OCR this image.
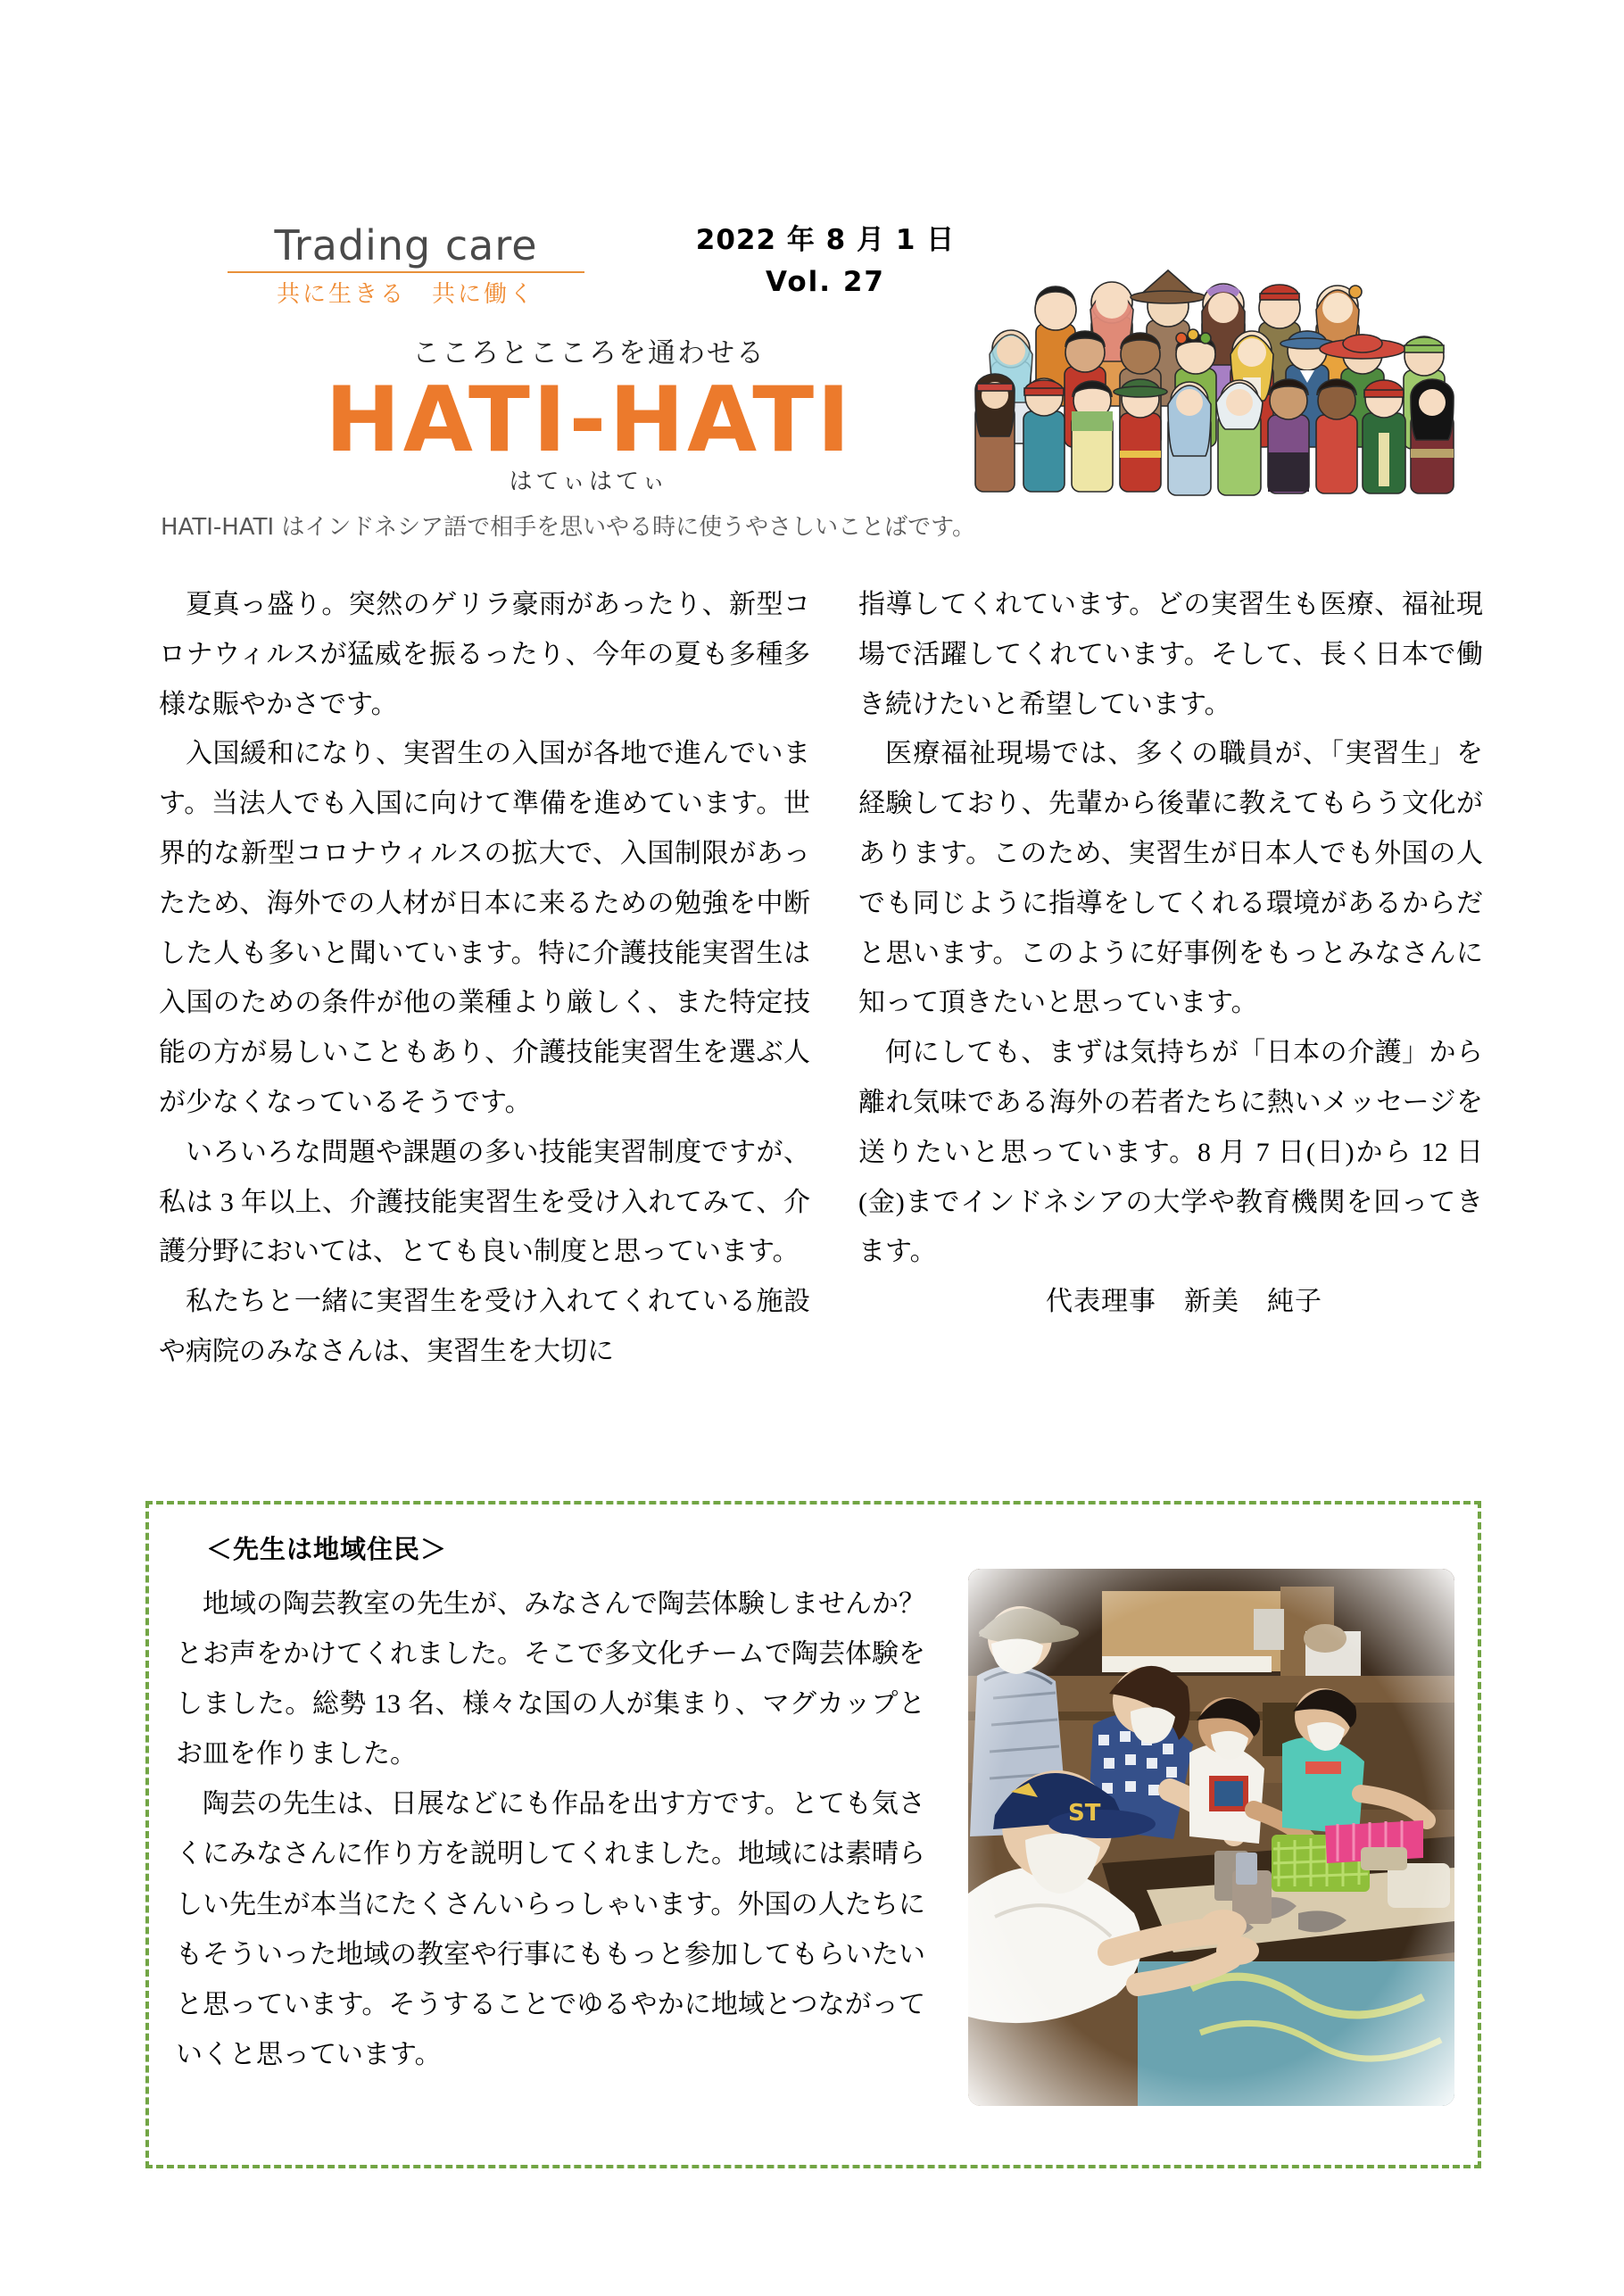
Trading care
共に生きる　共に働く
2022 年 8 月 1 日
Vol. 27
こころとこころを通わせる
HATI-HATI
はてぃはてぃ
HATI-HATI はインドネシア語で相手を思いやる時に使うやさしいことばです。

夏真っ盛り。突然のゲリラ豪雨があったり、新型コロナウィルスが猛威を振るったり、今年の夏も多種多様な賑やかさです。

入国緩和になり、実習生の入国が各地で進んでいます。当法人でも入国に向けて準備を進めています。世界的な新型コロナウィルスの拡大で、入国制限があったため、海外での人材が日本に来るための勉強を中断した人も多いと聞いています。特に介護技能実習生は入国のための条件が他の業種より厳しく、また特定技能の方が易しいこともあり、介護技能実習生を選ぶ人が少なくなっているそうです。

いろいろな問題や課題の多い技能実習制度ですが、私は 3 年以上、介護技能実習生を受け入れてみて、介護分野においては、とても良い制度と思っています。

私たちと一緒に実習生を受け入れてくれている施設や病院のみなさんは、実習生を大切に

指導してくれています。どの実習生も医療、福祉現場で活躍してくれています。そして、長く日本で働き続けたいと希望しています。

医療福祉現場では、多くの職員が、「実習生」を経験しており、先輩から後輩に教えてもらう文化があります。このため、実習生が日本人でも外国の人でも同じように指導をしてくれる環境があるからだと思います。このように好事例をもっとみなさんに知って頂きたいと思っています。

何にしても、まずは気持ちが「日本の介護」から離れ気味である海外の若者たちに熱いメッセージを送りたいと思っています。8 月 7 日(日)から 12 日(金)までインドネシアの大学や教育機関を回ってきます。

代表理事　新美　純子

＜先生は地域住民＞

地域の陶芸教室の先生が、みなさんで陶芸体験しませんか？とお声をかけてくれました。そこで多文化チームで陶芸体験をしました。総勢 13 名、様々な国の人が集まり、マグカップとお皿を作りました。

陶芸の先生は、日展などにも作品を出す方です。とても気さくにみなさんに作り方を説明してくれました。地域には素晴らしい先生が本当にたくさんいらっしゃいます。外国の人たちにもそういった地域の教室や行事にももっと参加してもらいたいと思っています。そうすることでゆるやかに地域とつながっていくと思っています。
